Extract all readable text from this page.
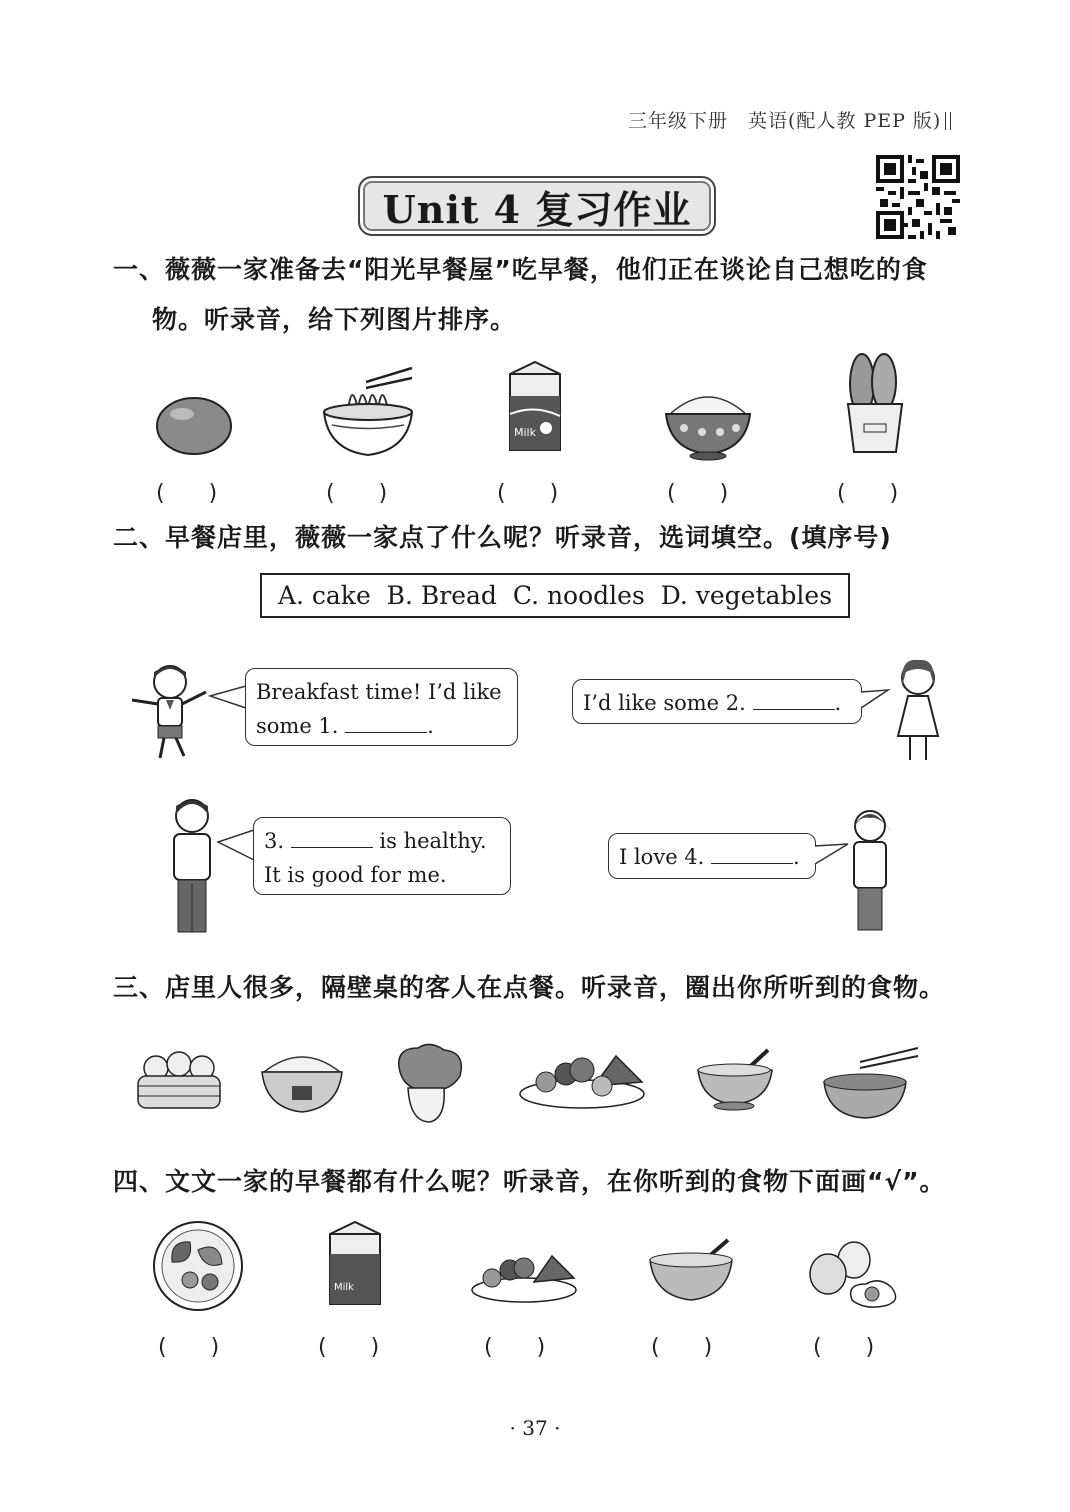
三年级下册　英语(配人教 PEP 版)
Unit 4 复习作业
一、薇薇一家准备去“阳光早餐屋”吃早餐，他们正在谈论自己想吃的食
物。听录音，给下列图片排序。
Milk
(　　)	(　　)	(　　)	(　　)	(　　)
二、早餐店里，薇薇一家点了什么呢？听录音，选词填空。(填序号)
A. cake B. Bread C. noodles D. vegetables
Breakfast time! I’d like
some 1.	.
I’d like some 2.	.
3.	is healthy.
It is good for me.
I love 4.	.
三、店里人很多，隔壁桌的客人在点餐。听录音，圈出你所听到的食物。
四、文文一家的早餐都有什么呢？听录音，在你听到的食物下面画“√”。
Milk
(　　)	(　　)	(　　)	(　　)	(　　)
· 37 ·
